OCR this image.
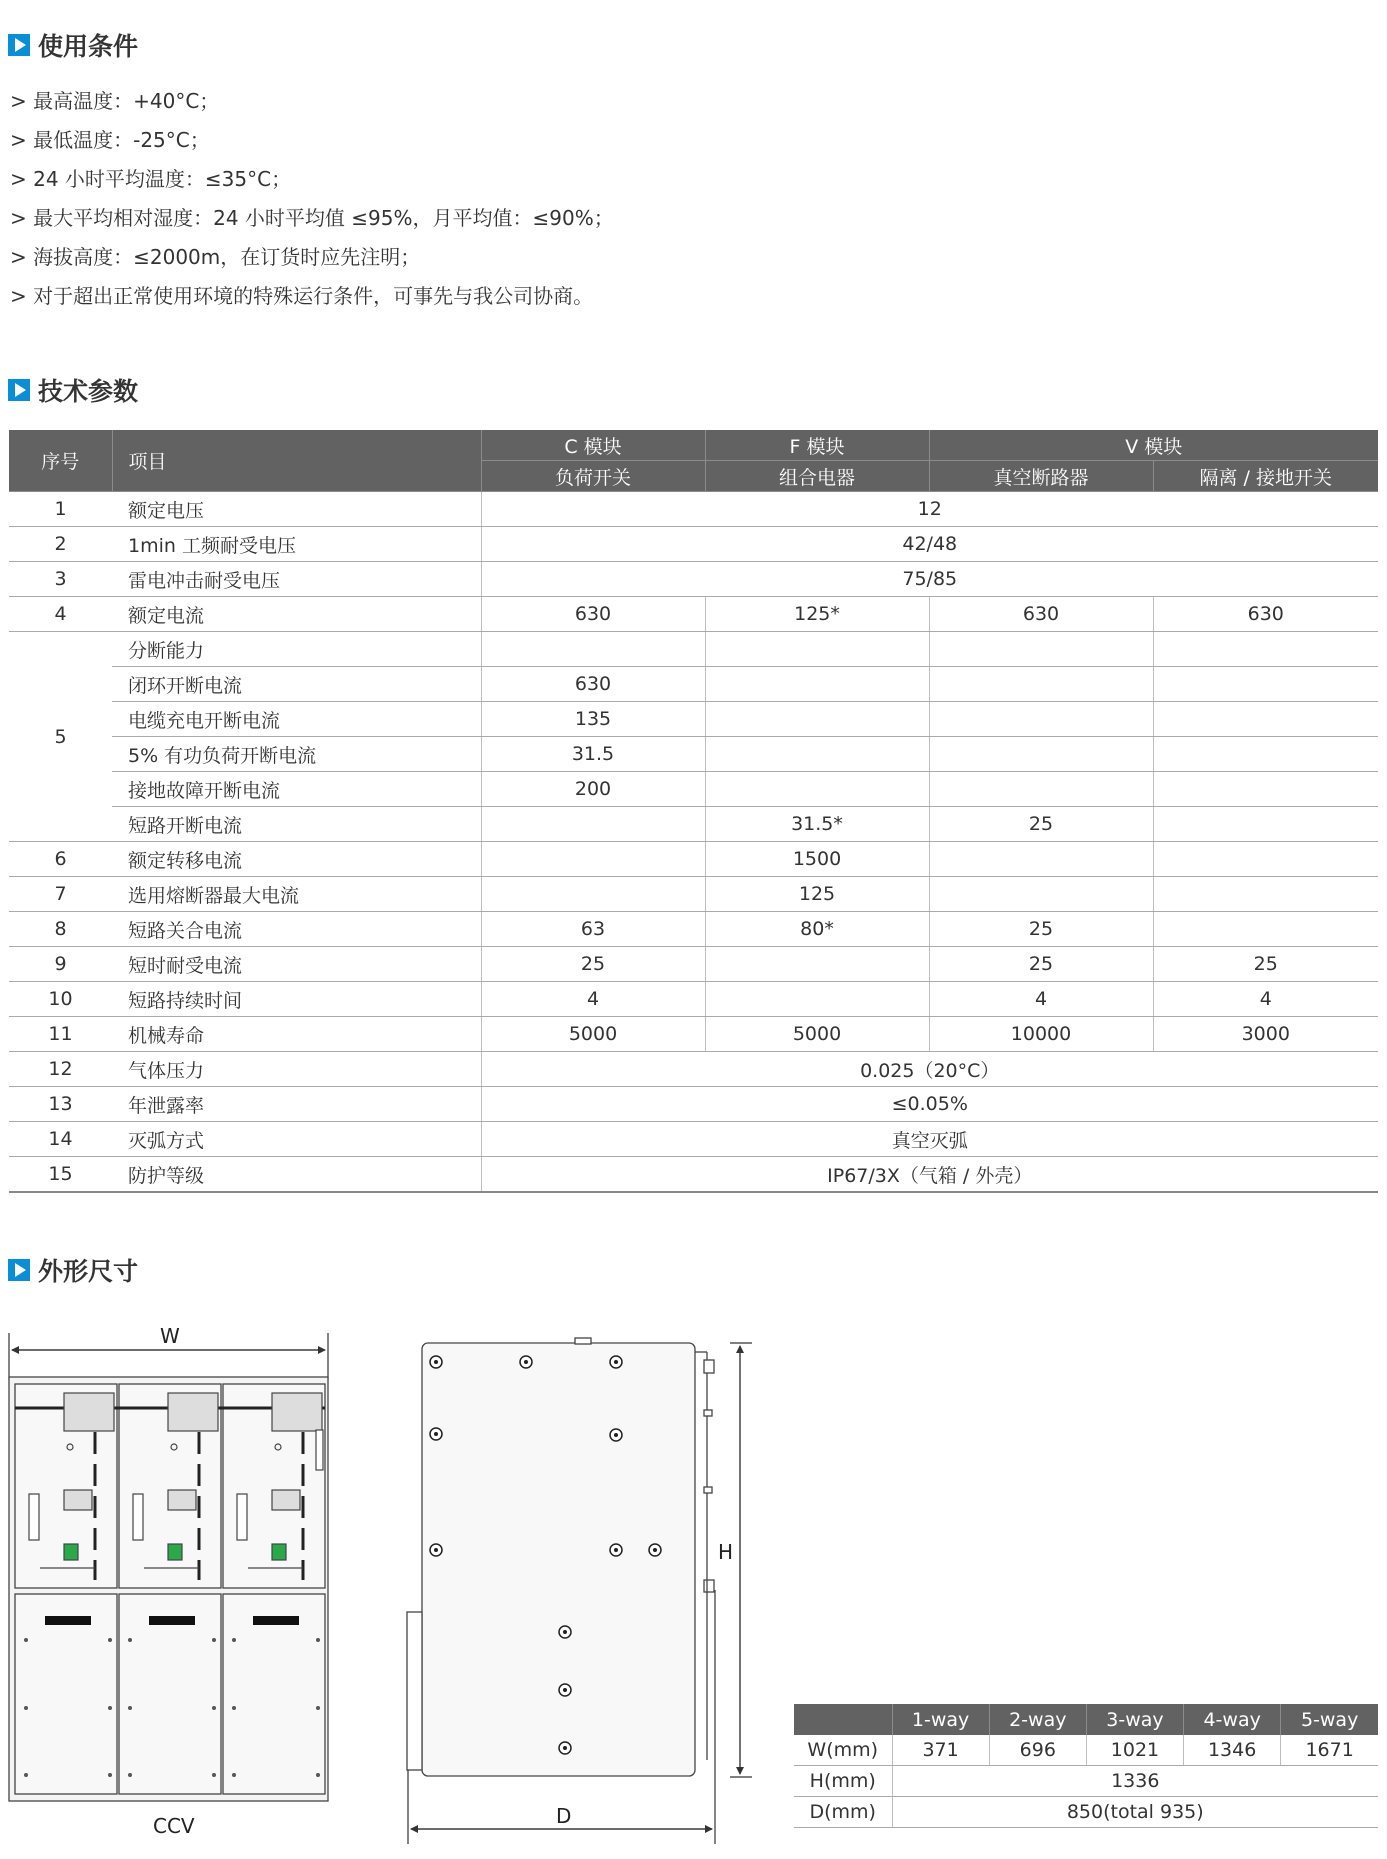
使用条件
> 最高温度：+40°C；
> 最低温度：-25°C；
> 24 小时平均温度：≤35°C；
> 最大平均相对湿度：24 小时平均值 ≤95%，月平均值：≤90%；
> 海拔高度：≤2000m，在订货时应先注明；
> 对于超出正常使用环境的特殊运行条件，可事先与我公司协商。
技术参数
序号	项目	C 模块	F 模块	V 模块	
		负荷开关	组合电器	真空断路器	隔离 / 接地开关
1	额定电压	12			
2	1min 工频耐受电压	42/48			
3	雷电冲击耐受电压	75/85			
4	额定电流	630	125*	630	630
5	分断能力				
	闭环开断电流	630			
	电缆充电开断电流	135			
	5% 有功负荷开断电流	31.5			
	接地故障开断电流	200			
	短路开断电流		31.5*	25	
6	额定转移电流		1500		
7	选用熔断器最大电流		125		
8	短路关合电流	63	80*	25	
9	短时耐受电流	25		25	25
10	短路持续时间	4		4	4
11	机械寿命	5000	5000	10000	3000
12	气体压力	0.025（20°C）			
13	年泄露率	≤0.05%			
14	灭弧方式	真空灭弧			
15	防护等级	IP67/3X（气箱 / 外壳）			
外形尺寸
W
CCV
H
D
	1-way	2-way	3-way	4-way	5-way
W(mm)	371	696	1021	1346	1671
H(mm)	1336				
D(mm)	850(total 935)				
